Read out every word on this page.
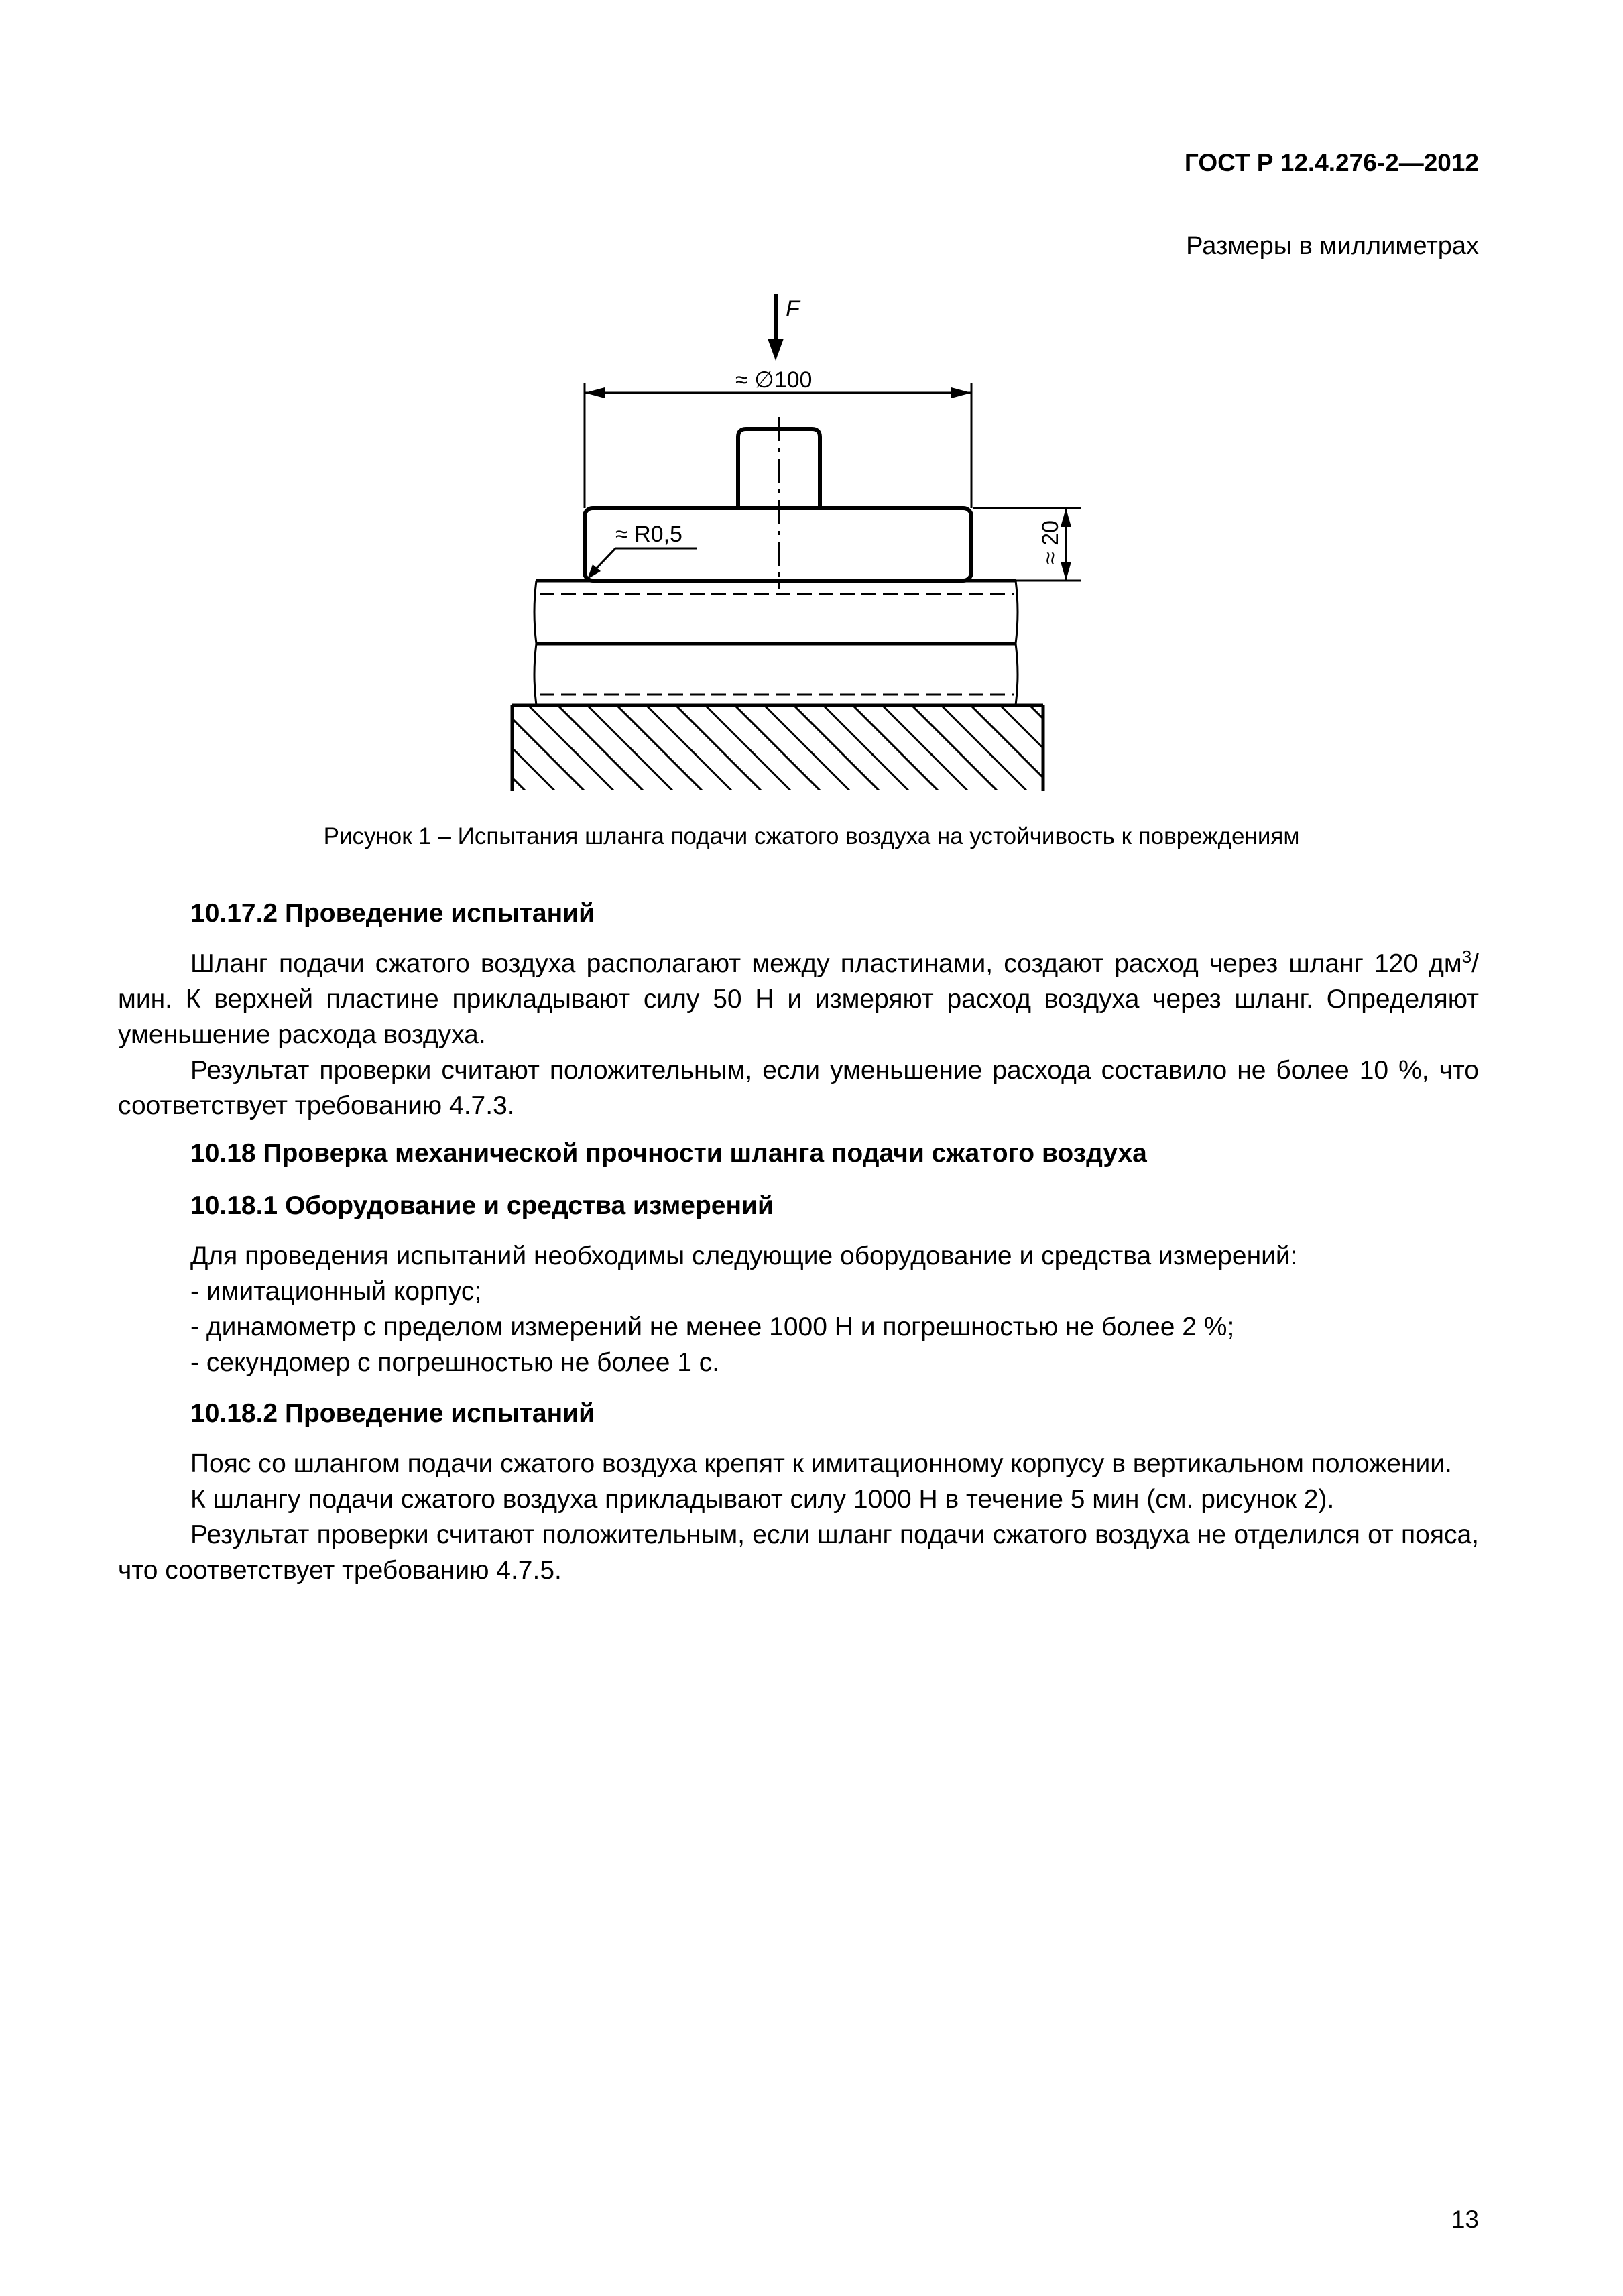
ГОСТ Р 12.4.276-2—2012
Размеры в миллиметрах
F
≈ ∅100
≈ R0,5	≈ 20
Рисунок 1 – Испытания шланга подачи сжатого воздуха на устойчивость к повреждениям

10.17.2 Проведение испытаний

Шланг подачи сжатого воздуха располагают между пластинами, создают расход через шланг 120 $дм^3$/мин. К верхней пластине прикладывают силу 50 Н и измеряют расход воздуха через шланг. Определяют уменьшение расхода воздуха.

Результат проверки считают положительным, если уменьшение расхода составило не более 10 %, что соответствует требованию 4.7.3.

10.18 Проверка механической прочности шланга подачи сжатого воздуха

10.18.1 Оборудование и средства измерений

Для проведения испытаний необходимы следующие оборудование и средства измерений:

- имитационный корпус;

- динамометр с пределом измерений не менее 1000 Н и погрешностью не более 2 %;

- секундомер с погрешностью не более 1 с.

10.18.2 Проведение испытаний

Пояс со шлангом подачи сжатого воздуха крепят к имитационному корпусу в вертикальном положении.

К шлангу подачи сжатого воздуха прикладывают силу 1000 Н в течение 5 мин (см. рисунок 2).

Результат проверки считают положительным, если шланг подачи сжатого воздуха не отделился от пояса, что соответствует требованию 4.7.5.

13
